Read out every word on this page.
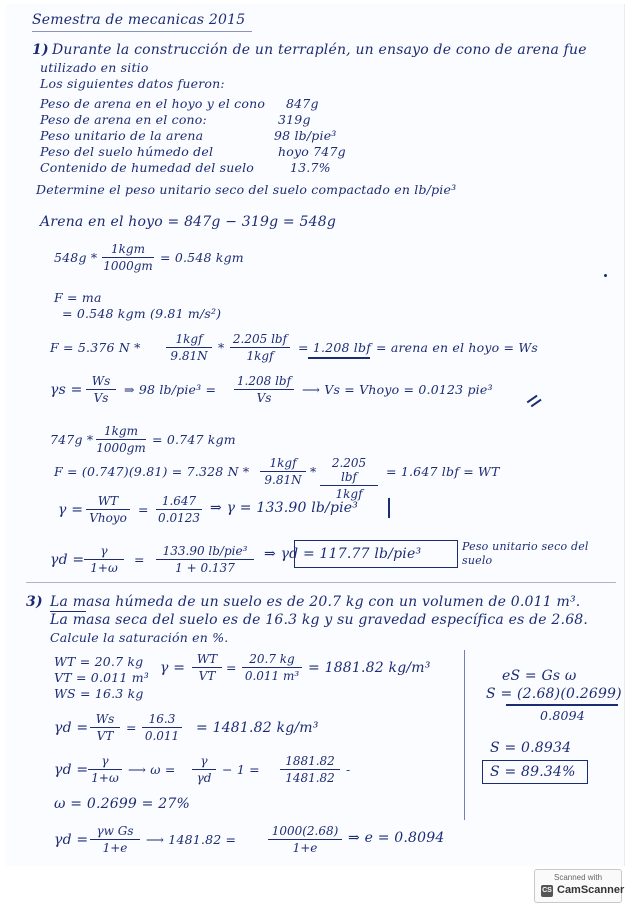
Semestra de mecanicas 2015
1) Durante la construcción de un terraplén, un ensayo de cono de arena fue
utilizado en sitio
Los siguientes datos fueron:
Peso de arena en el hoyo y el cono 847g
Peso de arena en el cono:	319g
Peso unitario de la arena	98 lb/pie³
Peso del suelo húmedo del	hoyo 747g
Contenido de humedad del suelo	13.7%
Determine el peso unitario seco del suelo compactado en lb/pie³
Arena en el hoyo = 847g − 319g = 548g
548g *
1kgm
1000gm
= 0.548 kgm
F = ma
= 0.548 kgm (9.81 m/s²)
F = 5.376 N *
1kgf
9.81N
*
2.205 lbf
1kgf
= 1.208 lbf = arena en el hoyo = Ws
$\gamma s = \frac{Ws}{Vs}$ ⇒ 98 lb/pie³ =
1.208 lbf
Vs
⟶ Vs = Vhoyo = 0.0123 pie³
747g *
1kgm
1000gm
= 0.747 kgm
F = (0.747)(9.81) = 7.328 N *
1kgf
9.81N
*
2.205 lbf
1kgf
= 1.647 lbf = WT
γ =
WT
Vhoyo
= $\frac{1.647}{0.0123}$ ⇒ γ = 133.90 lb/pie³
$\gamma d = \frac{\gamma}{1+\omega}$ =
133.90 lb/pie³
1 + 0.137
⇒ γd = 117.77 lb/pie³	Peso unitario seco del
suelo
3) La masa húmeda de un suelo es de 20.7 kg con un volumen de 0.011 m³.
La masa seca del suelo es de 16.3 kg y su gravedad específica es de 2.68.
Calcule la saturación en %.
WT = 20.7 kg
VT = 0.011 m³
WS = 16.3 kg
$\gamma = \frac{WT}{VT} = \frac{20.7 kg}{\text{0.011 m³}} = 1881.82$ kg/m³
$\gamma d = \frac{Ws}{VT} = \frac{16.3}{0.011} = 1481.82$ kg/m³
$\gamma d = \frac{\gamma}{1+\omega}$ ⟶ $\omega = \frac{\gamma}{\gamma d} - 1 = \frac{1881.82}{1481.82}$ -
ω = 0.2699 = 27%
$\gamma d = \frac{\text{γw Gs}}{1+e}$ ⟶ 1481.82 =	$\frac{1000(2.68)}{1+e}$ ⇒ e = 0.8094
eS = Gs ω
S = (2.68)(0.2699)
0.8094
S = 0.8934
S = 89.34%
Scanned with
CS CamScanner
